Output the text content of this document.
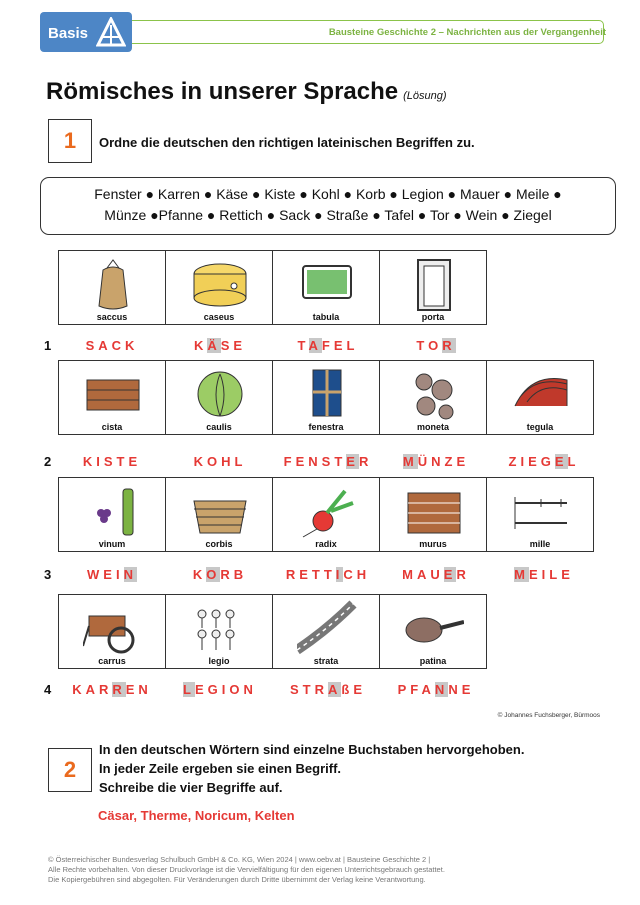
Bausteine Geschichte 2 – Nachrichten aus der Vergangenheit
Basis
Römisches in unserer Sprache (Lösung)
1	Ordne die deutschen den richtigen lateinischen Begriffen zu.
Fenster ● Karren ● Käse ● Kiste ● Kohl ● Korb ● Legion ● Mauer ● Meile ●
Münze ●Pfanne ● Rettich ● Sack ● Straße ● Tafel ● Tor ● Wein ● Ziegel
SACK	KÄSE	TAFEL	TOR
saccus	caseus	tabula	porta
1
KISTE	KOHL	FENSTER	MÜNZE	ZIEGEL
cista	caulis	fenestra	moneta	tegula
2
WEIN	KORB	RETTICH	MAUER	MEILE
vinum	corbis	radix	murus	mille
3
KARREN	LEGION	STRAßE	PFANNE
carrus	legio	strata	patina
4
© Johannes Fuchsberger, Bürmoos
2
In den deutschen Wörtern sind einzelne Buchstaben hervorgehoben.
In jeder Zeile ergeben sie einen Begriff.
Schreibe die vier Begriffe auf.
Cäsar, Therme, Noricum, Kelten
© Österreichischer Bundesverlag Schulbuch GmbH & Co. KG, Wien 2024 | www.oebv.at | Bausteine Geschichte 2 |
Alle Rechte vorbehalten. Von dieser Druckvorlage ist die Vervielfältigung für den eigenen Unterrichtsgebrauch gestattet.
Die Kopiergebühren sind abgegolten. Für Veränderungen durch Dritte übernimmt der Verlag keine Verantwortung.
